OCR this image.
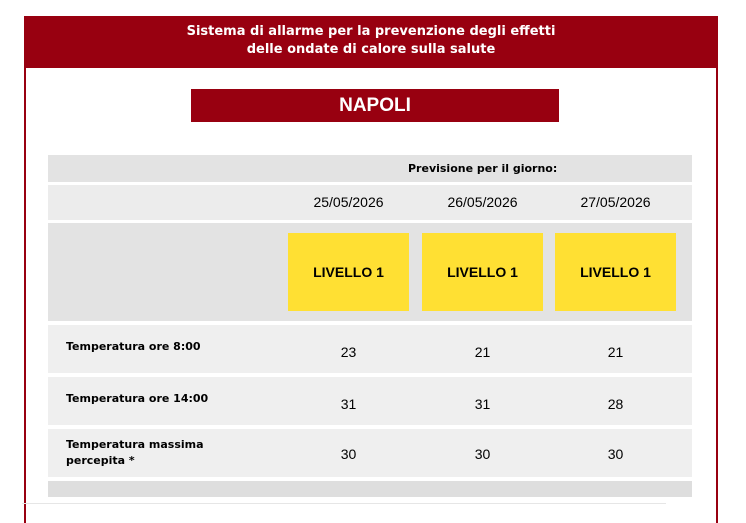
Sistema di allarme per la prevenzione degli effetti
delle ondate di calore sulla salute
NAPOLI
Previsione per il giorno:
25/05/2026	26/05/2026	27/05/2026
LIVELLO 1	LIVELLO 1	LIVELLO 1
Temperatura ore 8:00	23	21	21
Temperatura ore 14:00	31	31	28
Temperatura massima percepita *	30	30	30
